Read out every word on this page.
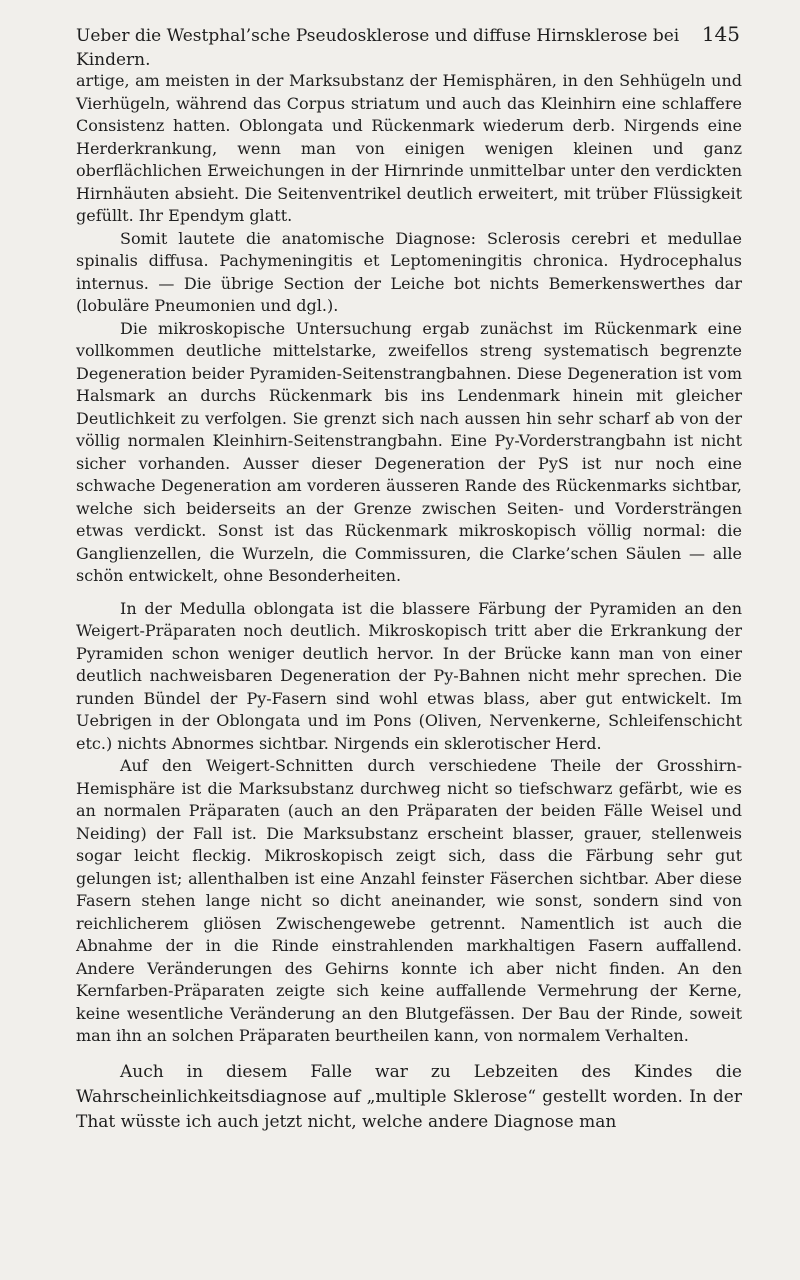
Ueber die Westphal’sche Pseudosklerose und diffuse Hirnsklerose bei Kindern.
145

artige, am meisten in der Marksubstanz der Hemisphären, in den Sehhügeln und Vierhügeln, während das Corpus striatum und auch das Kleinhirn eine schlaffere Consistenz hatten. Oblongata und Rückenmark wiederum derb. Nirgends eine Herderkrankung, wenn man von einigen wenigen kleinen und ganz oberflächlichen Erweichungen in der Hirnrinde unmittelbar unter den verdickten Hirnhäuten absieht. Die Seitenventrikel deutlich erweitert, mit trüber Flüssigkeit gefüllt. Ihr Ependym glatt.

Somit lautete die anatomische Diagnose: Sclerosis cerebri et medullae spinalis diffusa. Pachymeningitis et Leptomeningitis chronica. Hydrocephalus internus. — Die übrige Section der Leiche bot nichts Bemerkenswerthes dar (lobuläre Pneumonien und dgl.).

Die mikroskopische Untersuchung ergab zunächst im Rückenmark eine vollkommen deutliche mittelstarke, zweifellos streng systematisch begrenzte Degeneration beider Pyramiden-Seitenstrangbahnen. Diese Degeneration ist vom Halsmark an durchs Rückenmark bis ins Lendenmark hinein mit gleicher Deutlichkeit zu verfolgen. Sie grenzt sich nach aussen hin sehr scharf ab von der völlig normalen Kleinhirn-Seitenstrangbahn. Eine Py-Vorderstrangbahn ist nicht sicher vorhanden. Ausser dieser Degeneration der PyS ist nur noch eine schwache Degeneration am vorderen äusseren Rande des Rückenmarks sichtbar, welche sich beiderseits an der Grenze zwischen Seiten- und Vordersträngen etwas verdickt. Sonst ist das Rückenmark mikroskopisch völlig normal: die Ganglienzellen, die Wurzeln, die Commissuren, die Clarke’schen Säulen — alle schön entwickelt, ohne Besonderheiten.

In der Medulla oblongata ist die blassere Färbung der Pyramiden an den Weigert-Präparaten noch deutlich. Mikroskopisch tritt aber die Erkrankung der Pyramiden schon weniger deutlich hervor. In der Brücke kann man von einer deutlich nachweisbaren Degeneration der Py-Bahnen nicht mehr sprechen. Die runden Bündel der Py-Fasern sind wohl etwas blass, aber gut entwickelt. Im Uebrigen in der Oblongata und im Pons (Oliven, Nervenkerne, Schleifenschicht etc.) nichts Abnormes sichtbar. Nirgends ein sklerotischer Herd.

Auf den Weigert-Schnitten durch verschiedene Theile der Grosshirn-Hemisphäre ist die Marksubstanz durchweg nicht so tiefschwarz gefärbt, wie es an normalen Präparaten (auch an den Präparaten der beiden Fälle Weisel und Neiding) der Fall ist. Die Marksubstanz erscheint blasser, grauer, stellenweis sogar leicht fleckig. Mikroskopisch zeigt sich, dass die Färbung sehr gut gelungen ist; allenthalben ist eine Anzahl feinster Fäserchen sichtbar. Aber diese Fasern stehen lange nicht so dicht aneinander, wie sonst, sondern sind von reichlicherem gliösen Zwischengewebe getrennt. Namentlich ist auch die Abnahme der in die Rinde einstrahlenden markhaltigen Fasern auffallend. Andere Veränderungen des Gehirns konnte ich aber nicht finden. An den Kernfarben-Präparaten zeigte sich keine auffallende Vermehrung der Kerne, keine wesentliche Veränderung an den Blutgefässen. Der Bau der Rinde, soweit man ihn an solchen Präparaten beurtheilen kann, von normalem Verhalten.

Auch in diesem Falle war zu Lebzeiten des Kindes die Wahrscheinlichkeitsdiagnose auf „multiple Sklerose“ gestellt worden. In der That wüsste ich auch jetzt nicht, welche andere Diagnose man
